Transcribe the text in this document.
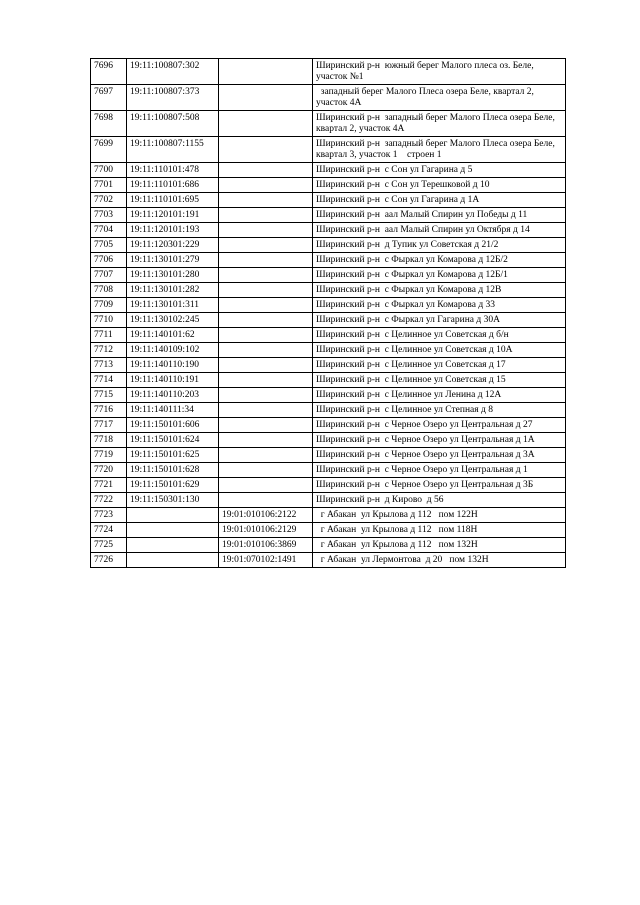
7696	19:11:100807:302		Ширинский р-н  южный берег Малого плеса оз. Беле, участок №1
7697	19:11:100807:373		западный берег Малого Плеса озера Беле, квартал 2, участок 4А
7698	19:11:100807:508		Ширинский р-н  западный берег Малого Плеса озера Беле, квартал 2, участок 4А
7699	19:11:100807:1155		Ширинский р-н  западный берег Малого Плеса озера Беле, квартал 3, участок 1    строен 1
7700	19:11:110101:478		Ширинский р-н  с Сон ул Гагарина д 5
7701	19:11:110101:686		Ширинский р-н  с Сон ул Терешковой д 10
7702	19:11:110101:695		Ширинский р-н  с Сон ул Гагарина д 1А
7703	19:11:120101:191		Ширинский р-н  аал Малый Спирин ул Победы д 11
7704	19:11:120101:193		Ширинский р-н  аал Малый Спирин ул Октября д 14
7705	19:11:120301:229		Ширинский р-н  д Тупик ул Советская д 21/2
7706	19:11:130101:279		Ширинский р-н  с Фыркал ул Комарова д 12Б/2
7707	19:11:130101:280		Ширинский р-н  с Фыркал ул Комарова д 12Б/1
7708	19:11:130101:282		Ширинский р-н  с Фыркал ул Комарова д 12В
7709	19:11:130101:311		Ширинский р-н  с Фыркал ул Комарова д 33
7710	19:11:130102:245		Ширинский р-н  с Фыркал ул Гагарина д 30А
7711	19:11:140101:62		Ширинский р-н  с Целинное ул Советская д б/н
7712	19:11:140109:102		Ширинский р-н  с Целинное ул Советская д 10А
7713	19:11:140110:190		Ширинский р-н  с Целинное ул Советская д 17
7714	19:11:140110:191		Ширинский р-н  с Целинное ул Советская д 15
7715	19:11:140110:203		Ширинский р-н  с Целинное ул Ленина д 12А
7716	19:11:140111:34		Ширинский р-н  с Целинное ул Степная д 8
7717	19:11:150101:606		Ширинский р-н  с Черное Озеро ул Центральная д 27
7718	19:11:150101:624		Ширинский р-н  с Черное Озеро ул Центральная д 1А
7719	19:11:150101:625		Ширинский р-н  с Черное Озеро ул Центральная д 3А
7720	19:11:150101:628		Ширинский р-н  с Черное Озеро ул Центральная д 1
7721	19:11:150101:629		Ширинский р-н  с Черное Озеро ул Центральная д 3Б
7722	19:11:150301:130		Ширинский р-н  д Кирово  д 56
7723		19:01:010106:2122	г Абакан  ул Крылова д 112   пом 122Н
7724		19:01:010106:2129	г Абакан  ул Крылова д 112   пом 118Н
7725		19:01:010106:3869	г Абакан  ул Крылова д 112   пом 132Н
7726		19:01:070102:1491	г Абакан  ул Лермонтова  д 20   пом 132Н
